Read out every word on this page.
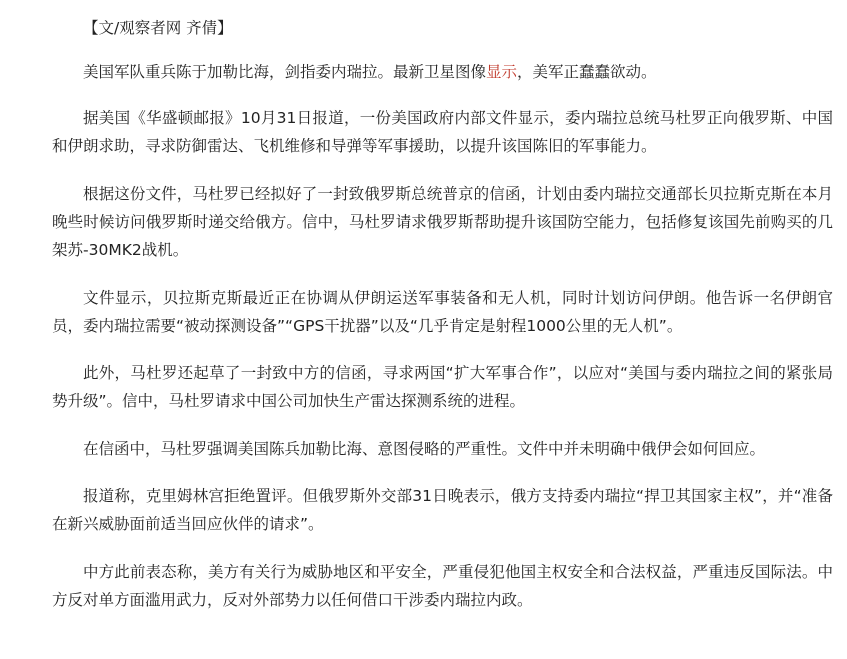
【文/观察者网 齐倩】

美国军队重兵陈于加勒比海，剑指委内瑞拉。最新卫星图像显示，美军正蠢蠢欲动。

据美国《华盛顿邮报》10月31日报道，一份美国政府内部文件显示，委内瑞拉总统马杜罗正向俄罗斯、中国和伊朗求助，寻求防御雷达、飞机维修和导弹等军事援助，以提升该国陈旧的军事能力。

根据这份文件，马杜罗已经拟好了一封致俄罗斯总统普京的信函，计划由委内瑞拉交通部长贝拉斯克斯在本月晚些时候访问俄罗斯时递交给俄方。信中，马杜罗请求俄罗斯帮助提升该国防空能力，包括修复该国先前购买的几架苏-30MK2战机。

文件显示，贝拉斯克斯最近正在协调从伊朗运送军事装备和无人机，同时计划访问伊朗。他告诉一名伊朗官员，委内瑞拉需要“被动探测设备”“GPS干扰器”以及“几乎肯定是射程1000公里的无人机”。

此外，马杜罗还起草了一封致中方的信函，寻求两国“扩大军事合作”，以应对“美国与委内瑞拉之间的紧张局势升级”。信中，马杜罗请求中国公司加快生产雷达探测系统的进程。

在信函中，马杜罗强调美国陈兵加勒比海、意图侵略的严重性。文件中并未明确中俄伊会如何回应。

报道称，克里姆林宫拒绝置评。但俄罗斯外交部31日晚表示，俄方支持委内瑞拉“捍卫其国家主权”，并“准备在新兴威胁面前适当回应伙伴的请求”。

中方此前表态称，美方有关行为威胁地区和平安全，严重侵犯他国主权安全和合法权益，严重违反国际法。中方反对单方面滥用武力，反对外部势力以任何借口干涉委内瑞拉内政。
